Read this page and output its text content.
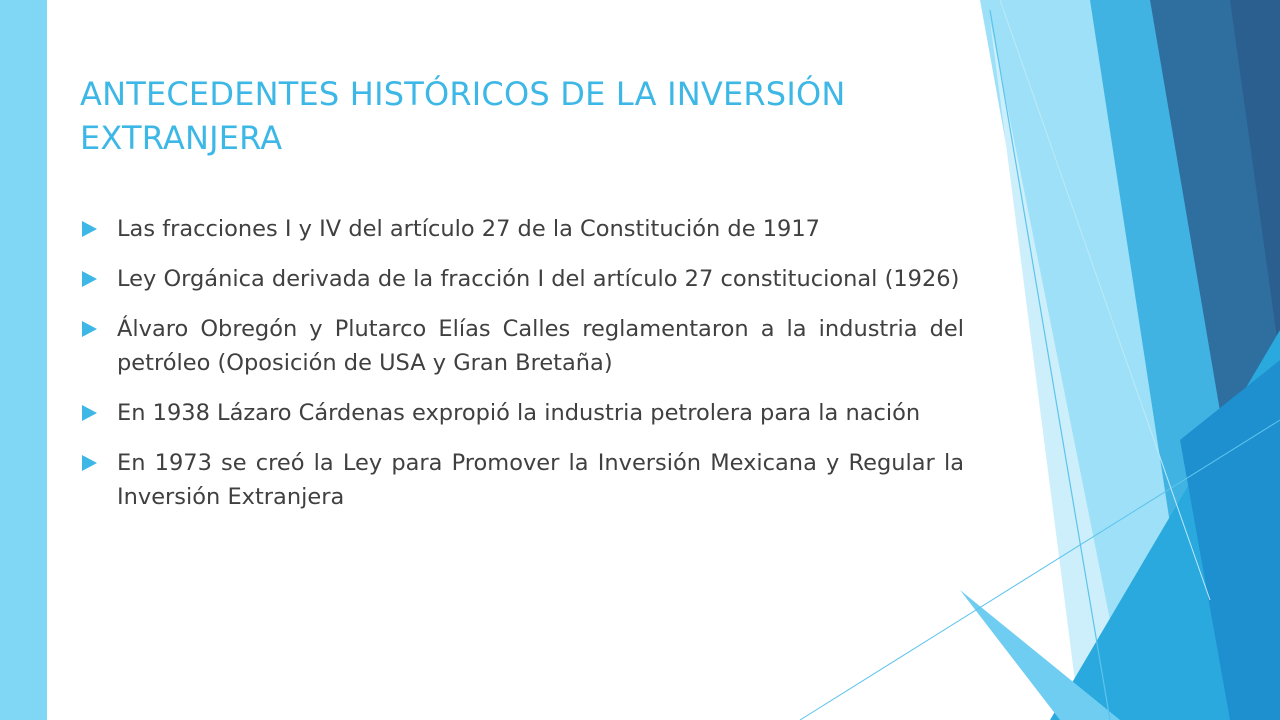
ANTECEDENTES HISTÓRICOS DE LA INVERSIÓN EXTRANJERA
Las fracciones I y IV del artículo 27 de la Constitución de 1917
Ley Orgánica derivada de la fracción I del artículo 27 constitucional (1926)
Álvaro Obregón y Plutarco Elías Calles reglamentaron a la industria del petróleo (Oposición de USA y Gran Bretaña)
En 1938 Lázaro Cárdenas expropió la industria petrolera para la nación
En 1973 se creó la Ley para Promover la Inversión Mexicana y Regular la Inversión Extranjera
